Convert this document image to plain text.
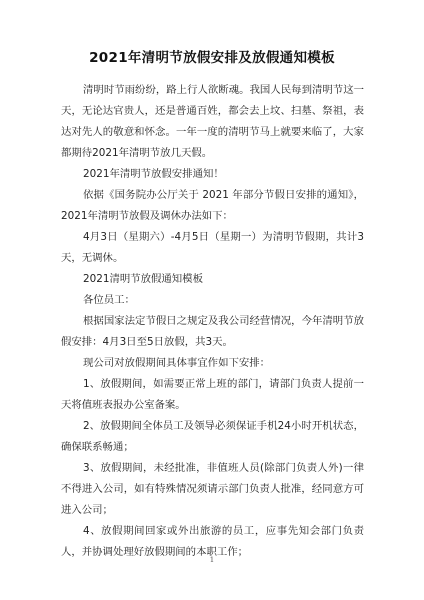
2021年清明节放假安排及放假通知模板

清明时节雨纷纷，路上行人欲断魂。我国人民每到清明节这一天，无论达官贵人，还是普通百姓，都会去上坟、扫墓、祭祖，表达对先人的敬意和怀念。一年一度的清明节马上就要来临了，大家都期待2021年清明节放几天假。

2021年清明节放假安排通知！

依据《国务院办公厅关于 2021 年部分节假日安排的通知》，2021年清明节放假及调休办法如下：

4月3日（星期六）-4月5日（星期一）为清明节假期，共计3天，无调休。

2021清明节放假通知模板

各位员工：

根据国家法定节假日之规定及我公司经营情况，今年清明节放假安排：4月3日至5日放假，共3天。

现公司对放假期间具体事宜作如下安排：

1、放假期间，如需要正常上班的部门，请部门负责人提前一天将值班表报办公室备案。

2、放假期间全体员工及领导必须保证手机24小时开机状态，确保联系畅通；

3、放假期间，未经批准，非值班人员(除部门负责人外)一律不得进入公司，如有特殊情况须请示部门负责人批准，经同意方可进入公司；

4、放假期间回家或外出旅游的员工，应事先知会部门负责人，并协调处理好放假期间的本职工作；

1
